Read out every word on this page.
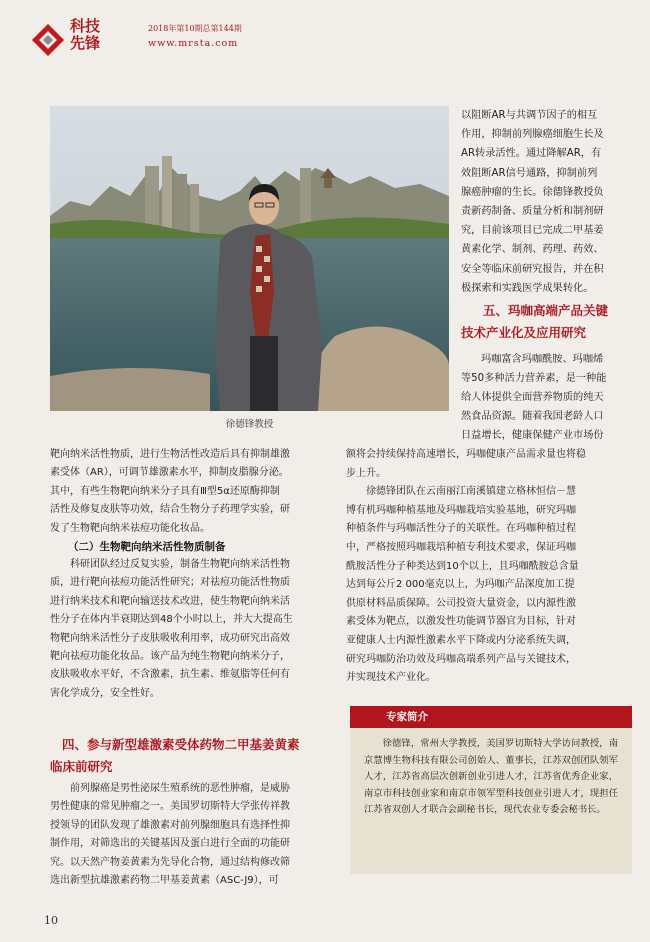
科技
先锋
2018年第10期总第144期
www.mrsta.com
徐德锋教授

以阻断AR与共调节因子的相互

作用，抑制前列腺癌细胞生长及

AR转录活性。通过降解AR，有

效阻断AR信号通路，抑制前列

腺癌肿瘤的生长。徐德锋教授负

责新药制备、质量分析和制剂研

究，目前该项目已完成二甲基姜

黄素化学、制剂、药理、药效、

安全等临床前研究报告，并在积

极探索和实践医学成果转化。

五、玛咖高端产品关键
技术产业化及应用研究

玛咖富含玛咖酰胺、玛咖烯

等50多种活力营养素，是一种能

给人体提供全面营养物质的纯天

然食品资源。随着我国老龄人口

日益增长，健康保健产业市场份

额将会持续保持高速增长，玛咖健康产品需求量也将稳

步上升。

　　徐德锋团队在云南丽江南溪镇建立格林恒信－慧

博有机玛咖种植基地及玛咖栽培实验基地，研究玛咖

种植条件与玛咖活性分子的关联性。在玛咖种植过程

中，严格按照玛咖栽培种植专利技术要求，保证玛咖

酰胺活性分子种类达到10个以上，且玛咖酰胺总含量

达到每公斤2 000毫克以上，为玛咖产品深度加工提

供原材料品质保障。公司投资大量资金，以内源性激

素受体为靶点，以激发性功能调节器官为目标，针对

亚健康人士内源性激素水平下降或内分泌系统失调，

研究玛咖防治功效及玛咖高端系列产品与关键技术，

并实现技术产业化。

靶向纳米活性物质，进行生物活性改造后具有抑制雄激

素受体（AR），可调节雄激素水平，抑制皮脂腺分泌。

其中，有些生物靶向纳米分子具有Ⅲ型5α还原酶抑制

活性及修复皮肤等功效，结合生物分子药理学实验，研

发了生物靶向纳米祛痘功能化妆品。

（二）生物靶向纳米活性物质制备

　　科研团队经过反复实验，制备生物靶向纳米活性物

质，进行靶向祛痘功能活性研究；对祛痘功能活性物质

进行纳米技术和靶向输送技术改进，使生物靶向纳米活

性分子在体内半衰期达到48个小时以上，并大大提高生

物靶向纳米活性分子皮肤吸收利用率，成功研究出高效

靶向祛痘功能化妆品。该产品为纯生物靶向纳米分子，

皮肤吸收水平好，不含激素，抗生素、维氨脂等任何有

害化学成分，安全性好。

四、参与新型雄激素受体药物二甲基姜黄素
临床前研究

　　前列腺癌是男性泌尿生殖系统的恶性肿瘤，是威胁

男性健康的常见肿瘤之一。美国罗切斯特大学张传祥教

授领导的团队发现了雄激素对前列腺细胞具有选择性抑

制作用，对筛选出的关键基因及蛋白进行全面的功能研

究。以天然产物姜黄素为先导化合物，通过结构修改筛

选出新型抗雄激素药物二甲基姜黄素（ASC-J9），可

专家简介
徐德锋，常州大学教授，美国罗切斯特大学访问教授，南京慧博生物科技有限公司创始人、董事长，江苏双创团队领军人才，江苏省高层次创新创业引进人才，江苏省优秀企业家，南京市科技创业家和南京市领军型科技创业引进人才，现担任江苏省双创人才联合会副秘书长，现代农业专委会秘书长。
10
